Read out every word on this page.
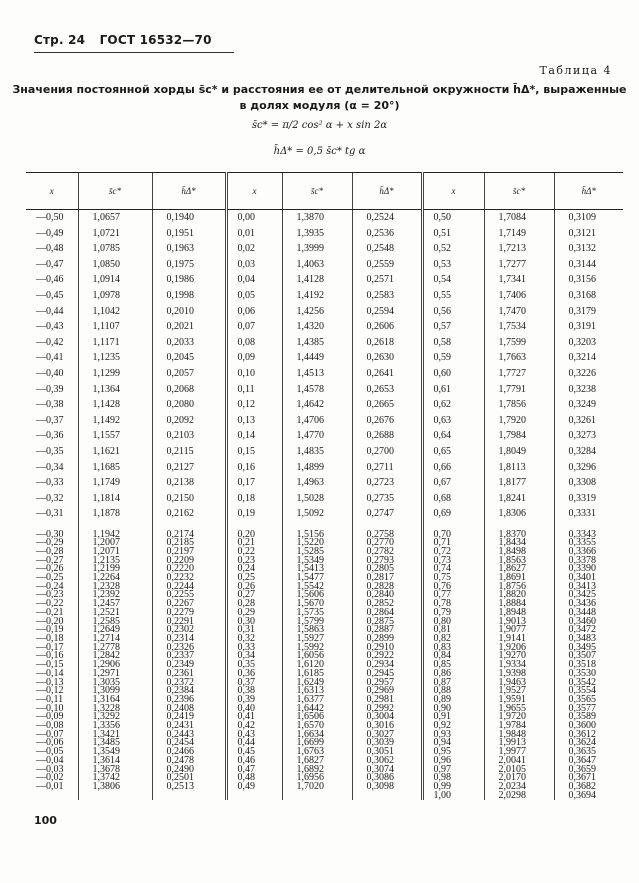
Стр. 24 ГОСТ 16532—70
Таблица 4
Значения постоянной хорды s̄c* и расстояния ее от делительной окружности h̄Δ*, выраженные
в долях модуля (α = 20°)
s̄c* = π/2 cos² α + x sin 2α
h̄Δ* = 0,5 s̄c* tg α
x	s̄c*	h̄Δ*	x	s̄c*	h̄Δ*	x	s̄c*	h̄Δ*
—0,50	1,0657	0,1940	0,00	1,3870	0,2524	0,50	1,7084	0,3109
—0,49	1,0721	0,1951	0,01	1,3935	0,2536	0,51	1,7149	0,3121
—0,48	1,0785	0,1963	0,02	1,3999	0,2548	0,52	1,7213	0,3132
—0,47	1,0850	0,1975	0,03	1,4063	0,2559	0,53	1,7277	0,3144
—0,46	1,0914	0,1986	0,04	1,4128	0,2571	0,54	1,7341	0,3156
—0,45	1,0978	0,1998	0,05	1,4192	0,2583	0,55	1,7406	0,3168
—0,44	1,1042	0,2010	0,06	1,4256	0,2594	0,56	1,7470	0,3179
—0,43	1,1107	0,2021	0,07	1,4320	0,2606	0,57	1,7534	0,3191
—0,42	1,1171	0,2033	0,08	1,4385	0,2618	0,58	1,7599	0,3203
—0,41	1,1235	0,2045	0,09	1,4449	0,2630	0,59	1,7663	0,3214
—0,40	1,1299	0,2057	0,10	1,4513	0,2641	0,60	1,7727	0,3226
—0,39	1,1364	0,2068	0,11	1,4578	0,2653	0,61	1,7791	0,3238
—0,38	1,1428	0,2080	0,12	1,4642	0,2665	0,62	1,7856	0,3249
—0,37	1,1492	0,2092	0,13	1,4706	0,2676	0,63	1,7920	0,3261
—0,36	1,1557	0,2103	0,14	1,4770	0,2688	0,64	1,7984	0,3273
—0,35	1,1621	0,2115	0,15	1,4835	0,2700	0,65	1,8049	0,3284
—0,34	1,1685	0,2127	0,16	1,4899	0,2711	0,66	1,8113	0,3296
—0,33	1,1749	0,2138	0,17	1,4963	0,2723	0,67	1,8177	0,3308
—0,32	1,1814	0,2150	0,18	1,5028	0,2735	0,68	1,8241	0,3319
—0,31	1,1878	0,2162	0,19	1,5092	0,2747	0,69	1,8306	0,3331

—0,30	1,1942	0,2174	0,20	1,5156	0,2758	0,70	1,8370	0,3343
—0,29	1,2007	0,2185	0,21	1,5220	0,2770	0,71	1,8434	0,3355
—0,28	1,2071	0,2197	0,22	1,5285	0,2782	0,72	1,8498	0,3366
—0,27	1,2135	0,2209	0,23	1,5349	0,2793	0,73	1,8563	0,3378
—0,26	1,2199	0,2220	0,24	1,5413	0,2805	0,74	1,8627	0,3390
—0,25	1,2264	0,2232	0,25	1,5477	0,2817	0,75	1,8691	0,3401
—0,24	1,2328	0,2244	0,26	1,5542	0,2828	0,76	1,8756	0,3413
—0,23	1,2392	0,2255	0,27	1,5606	0,2840	0,77	1,8820	0,3425
—0,22	1,2457	0,2267	0,28	1,5670	0,2852	0,78	1,8884	0,3436
—0,21	1,2521	0,2279	0,29	1,5735	0,2864	0,79	1,8948	0,3448
—0,20	1,2585	0,2291	0,30	1,5799	0,2875	0,80	1,9013	0,3460
—0,19	1,2649	0,2302	0,31	1,5863	0,2887	0,81	1,9077	0,3472
—0,18	1,2714	0,2314	0,32	1,5927	0,2899	0,82	1,9141	0,3483
—0,17	1,2778	0,2326	0,33	1,5992	0,2910	0,83	1,9206	0,3495
—0,16	1,2842	0,2337	0,34	1,6056	0,2922	0,84	1,9270	0,3507
—0,15	1,2906	0,2349	0,35	1,6120	0,2934	0,85	1,9334	0,3518
—0,14	1,2971	0,2361	0,36	1,6185	0,2945	0,86	1,9398	0,3530
—0,13	1,3035	0,2372	0,37	1,6249	0,2957	0,87	1,9463	0,3542
—0,12	1,3099	0,2384	0,38	1,6313	0,2969	0,88	1,9527	0,3554
—0,11	1,3164	0,2396	0,39	1,6377	0,2981	0,89	1,9591	0,3565
—0,10	1,3228	0,2408	0,40	1,6442	0,2992	0,90	1,9655	0,3577
—0,09	1,3292	0,2419	0,41	1,6506	0,3004	0,91	1,9720	0,3589
—0,08	1,3356	0,2431	0,42	1,6570	0,3016	0,92	1,9784	0,3600
—0,07	1,3421	0,2443	0,43	1,6634	0,3027	0,93	1,9848	0,3612
—0,06	1,3485	0,2454	0,44	1,6699	0,3039	0,94	1,9913	0,3624
—0,05	1,3549	0,2466	0,45	1,6763	0,3051	0,95	1,9977	0,3635
—0,04	1,3614	0,2478	0,46	1,6827	0,3062	0,96	2,0041	0,3647
—0,03	1,3678	0,2490	0,47	1,6892	0,3074	0,97	2,0105	0,3659
—0,02	1,3742	0,2501	0,48	1,6956	0,3086	0,98	2,0170	0,3671
—0,01	1,3806	0,2513	0,49	1,7020	0,3098	0,99	2,0234	0,3682
						1,00	2,0298	0,3694
100
